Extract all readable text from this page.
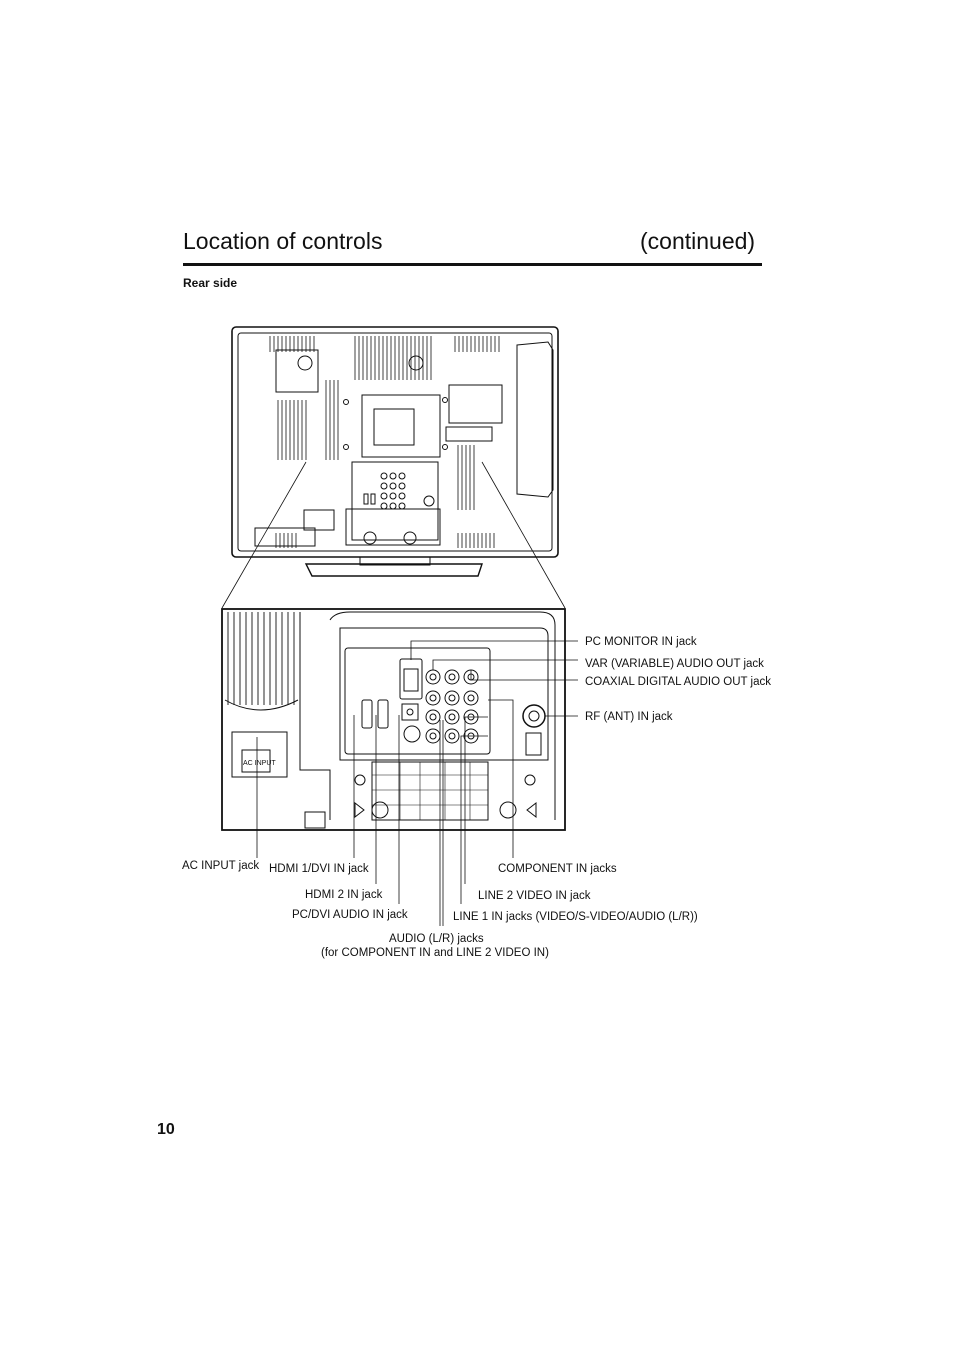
Location of controls	(continued)
Rear side
AC INPUT
PC MONITOR IN jack
VAR (VARIABLE) AUDIO OUT jack
COAXIAL DIGITAL AUDIO OUT jack
RF (ANT) IN jack
AC INPUT jack HDMI 1/DVI IN jack	COMPONENT IN jacks
HDMI 2 IN jack	LINE 2 VIDEO IN jack
PC/DVI AUDIO IN jack	LINE 1 IN jacks (VIDEO/S-VIDEO/AUDIO (L/R))
AUDIO (L/R) jacks
(for COMPONENT IN and LINE 2 VIDEO IN)
10
